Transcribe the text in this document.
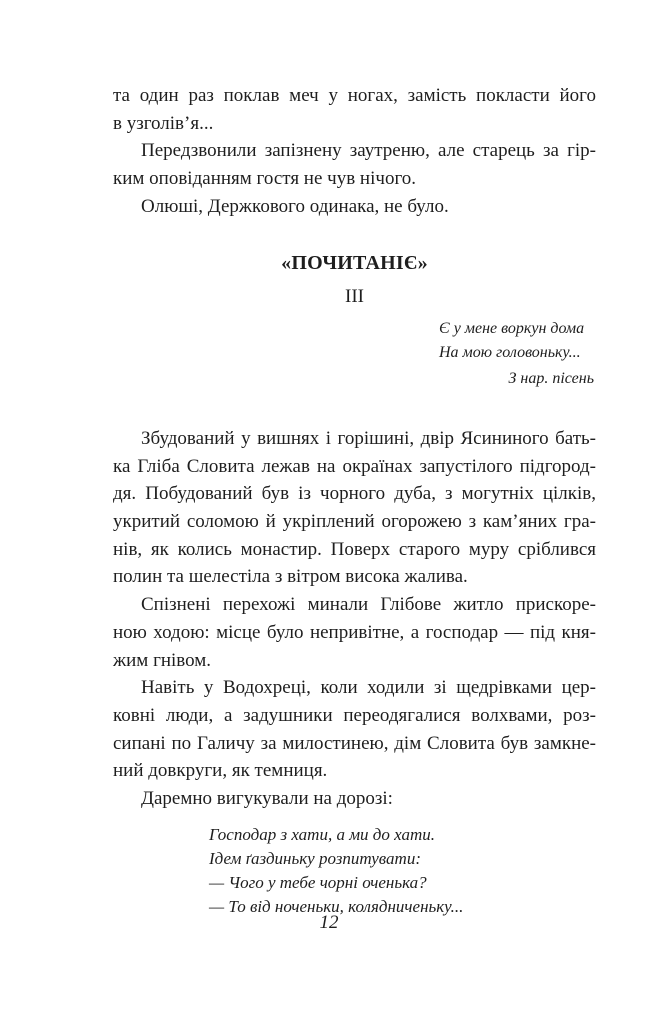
та один раз поклав меч у ногах, замість покласти його
в узголів’я...
Передзвонили запізнену заутреню, але старець за гір-
ким оповіданням гостя не чув нічого.
Олюші, Держкового одинака, не було.
«ПОЧИТАНІЄ»
III
Є у мене воркун дома
На мою головоньку...
З нар. пісень
Збудований у вишнях і горішині, двір Ясининого бать-
ка Гліба Словита лежав на окраїнах запустілого підгород-
дя. Побудований був із чорного дуба, з могутніх цілків,
укритий соломою й укріплений огорожею з кам’яних гра-
нів, як колись монастир. Поверх старого муру сріблився
полин та шелестіла з вітром висока жалива.
Спізнені перехожі минали Глібове житло прискоре-
ною ходою: місце було непривітне, а господар — під кня-
жим гнівом.
Навіть у Водохреці, коли ходили зі щедрівками цер-
ковні люди, а задушники переодягалися волхвами, роз-
сипані по Галичу за милостинею, дім Словита був замкне-
ний довкруги, як темниця.
Даремно вигукували на дорозі:
Господар з хати, а ми до хати.
Ідем ґаздиньку розпитувати:
— Чого у тебе чорні оченька?
— То від ноченьки, колядниченьку...
12
